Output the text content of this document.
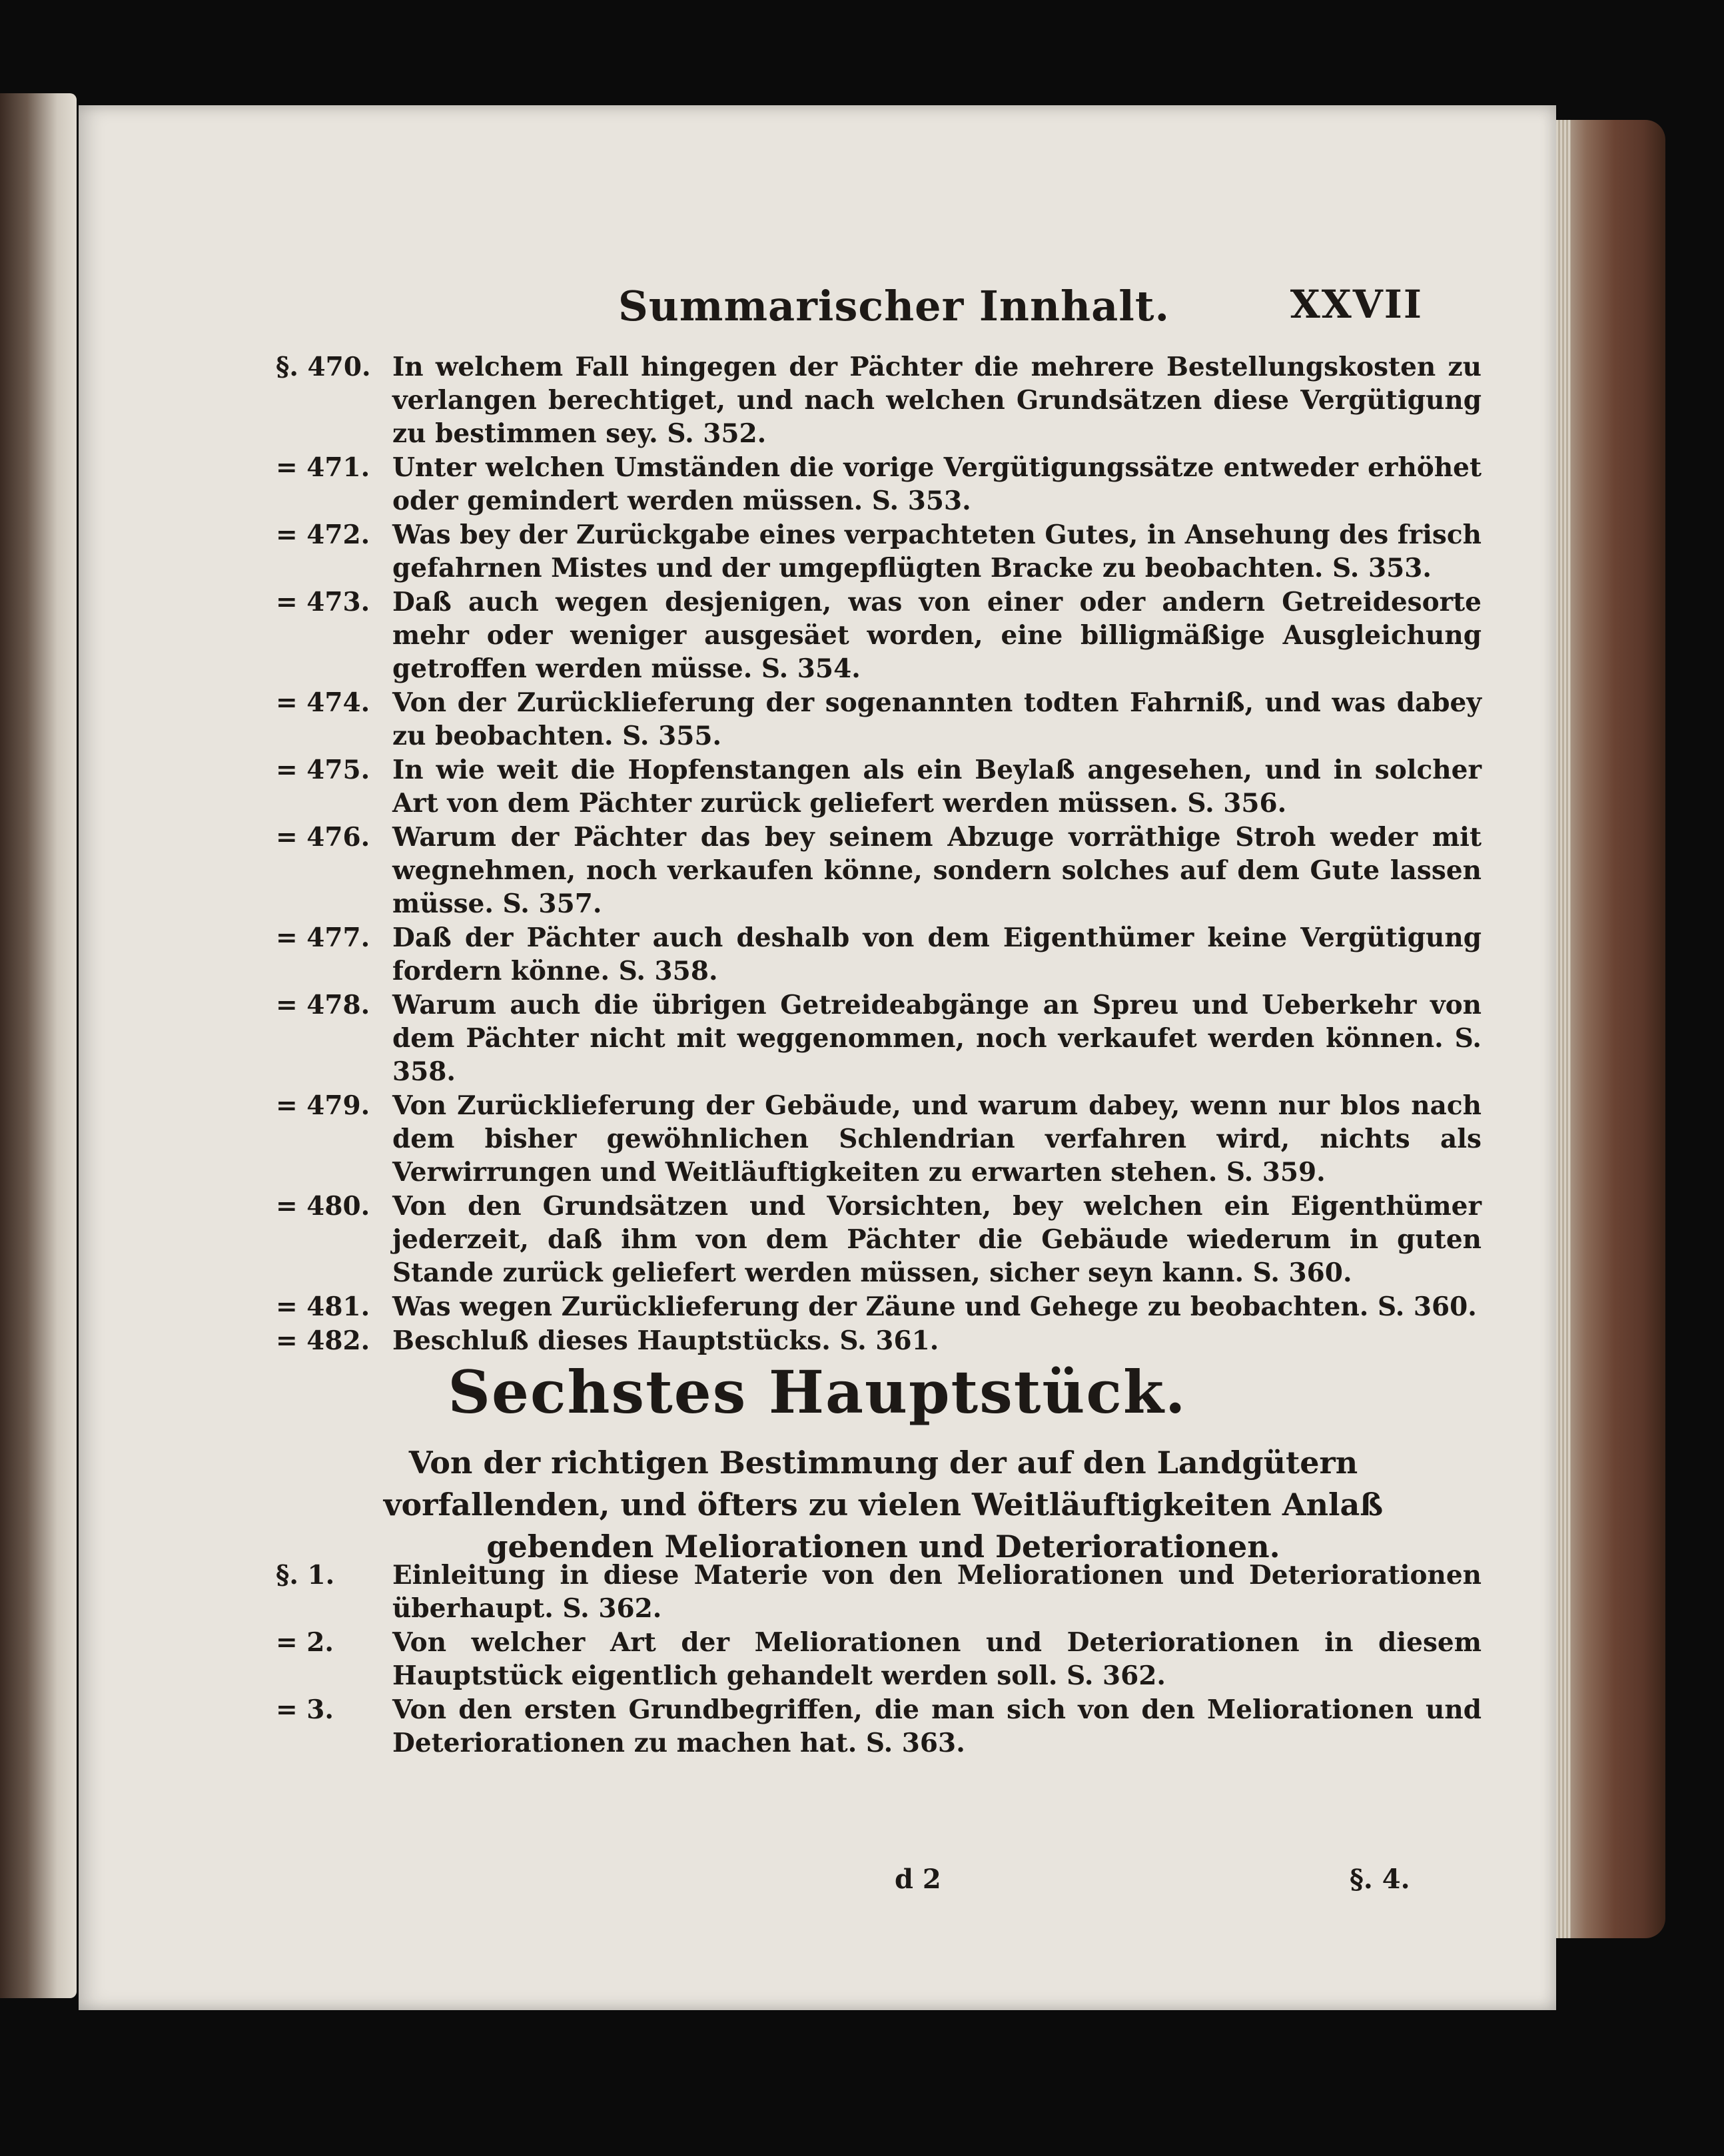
Summarischer Innhalt.	XXVII
§. 470. In welchem Fall hingegen der Pächter die mehrere Bestellungskosten zu verlangen berechtiget, und nach welchen Grundsätzen diese Vergütigung zu bestimmen sey. S. 352.
= 471. Unter welchen Umständen die vorige Vergütigungssätze entweder erhöhet oder gemindert werden müssen. S. 353.
= 472. Was bey der Zurückgabe eines verpachteten Gutes, in Ansehung des frisch gefahrnen Mistes und der umgepflügten Bracke zu beobachten. S. 353.
= 473. Daß auch wegen desjenigen, was von einer oder andern Getreidesorte mehr oder weniger ausgesäet worden, eine billigmäßige Ausgleichung getroffen werden müsse. S. 354.
= 474. Von der Zurücklieferung der sogenannten todten Fahrniß, und was dabey zu beobachten. S. 355.
= 475. In wie weit die Hopfenstangen als ein Beylaß angesehen, und in solcher Art von dem Pächter zurück geliefert werden müssen. S. 356.
= 476. Warum der Pächter das bey seinem Abzuge vorräthige Stroh weder mit wegnehmen, noch verkaufen könne, sondern solches auf dem Gute lassen müsse. S. 357.
= 477. Daß der Pächter auch deshalb von dem Eigenthümer keine Vergütigung fordern könne. S. 358.
= 478. Warum auch die übrigen Getreideabgänge an Spreu und Ueberkehr von dem Pächter nicht mit weggenommen, noch verkaufet werden können. S. 358.
= 479. Von Zurücklieferung der Gebäude, und warum dabey, wenn nur blos nach dem bisher gewöhnlichen Schlendrian verfahren wird, nichts als Verwirrungen und Weitläuftigkeiten zu erwarten stehen. S. 359.
= 480. Von den Grundsätzen und Vorsichten, bey welchen ein Eigenthümer jederzeit, daß ihm von dem Pächter die Gebäude wiederum in guten Stande zurück geliefert werden müssen, sicher seyn kann. S. 360.
= 481. Was wegen Zurücklieferung der Zäune und Gehege zu beobachten. S. 360.
= 482. Beschluß dieses Hauptstücks. S. 361.
Sechstes Hauptstück.
Von der richtigen Bestimmung der auf den Landgütern vorfallenden, und öfters zu vielen Weitläuftigkeiten Anlaß gebenden Meliorationen und Deteriorationen.
§. 1.	Einleitung in diese Materie von den Meliorationen und Deteriorationen überhaupt. S. 362.
= 2.	Von welcher Art der Meliorationen und Deteriorationen in diesem Hauptstück eigentlich gehandelt werden soll. S. 362.
= 3.	Von den ersten Grundbegriffen, die man sich von den Meliorationen und Deteriorationen zu machen hat. S. 363.
d 2	§. 4.
